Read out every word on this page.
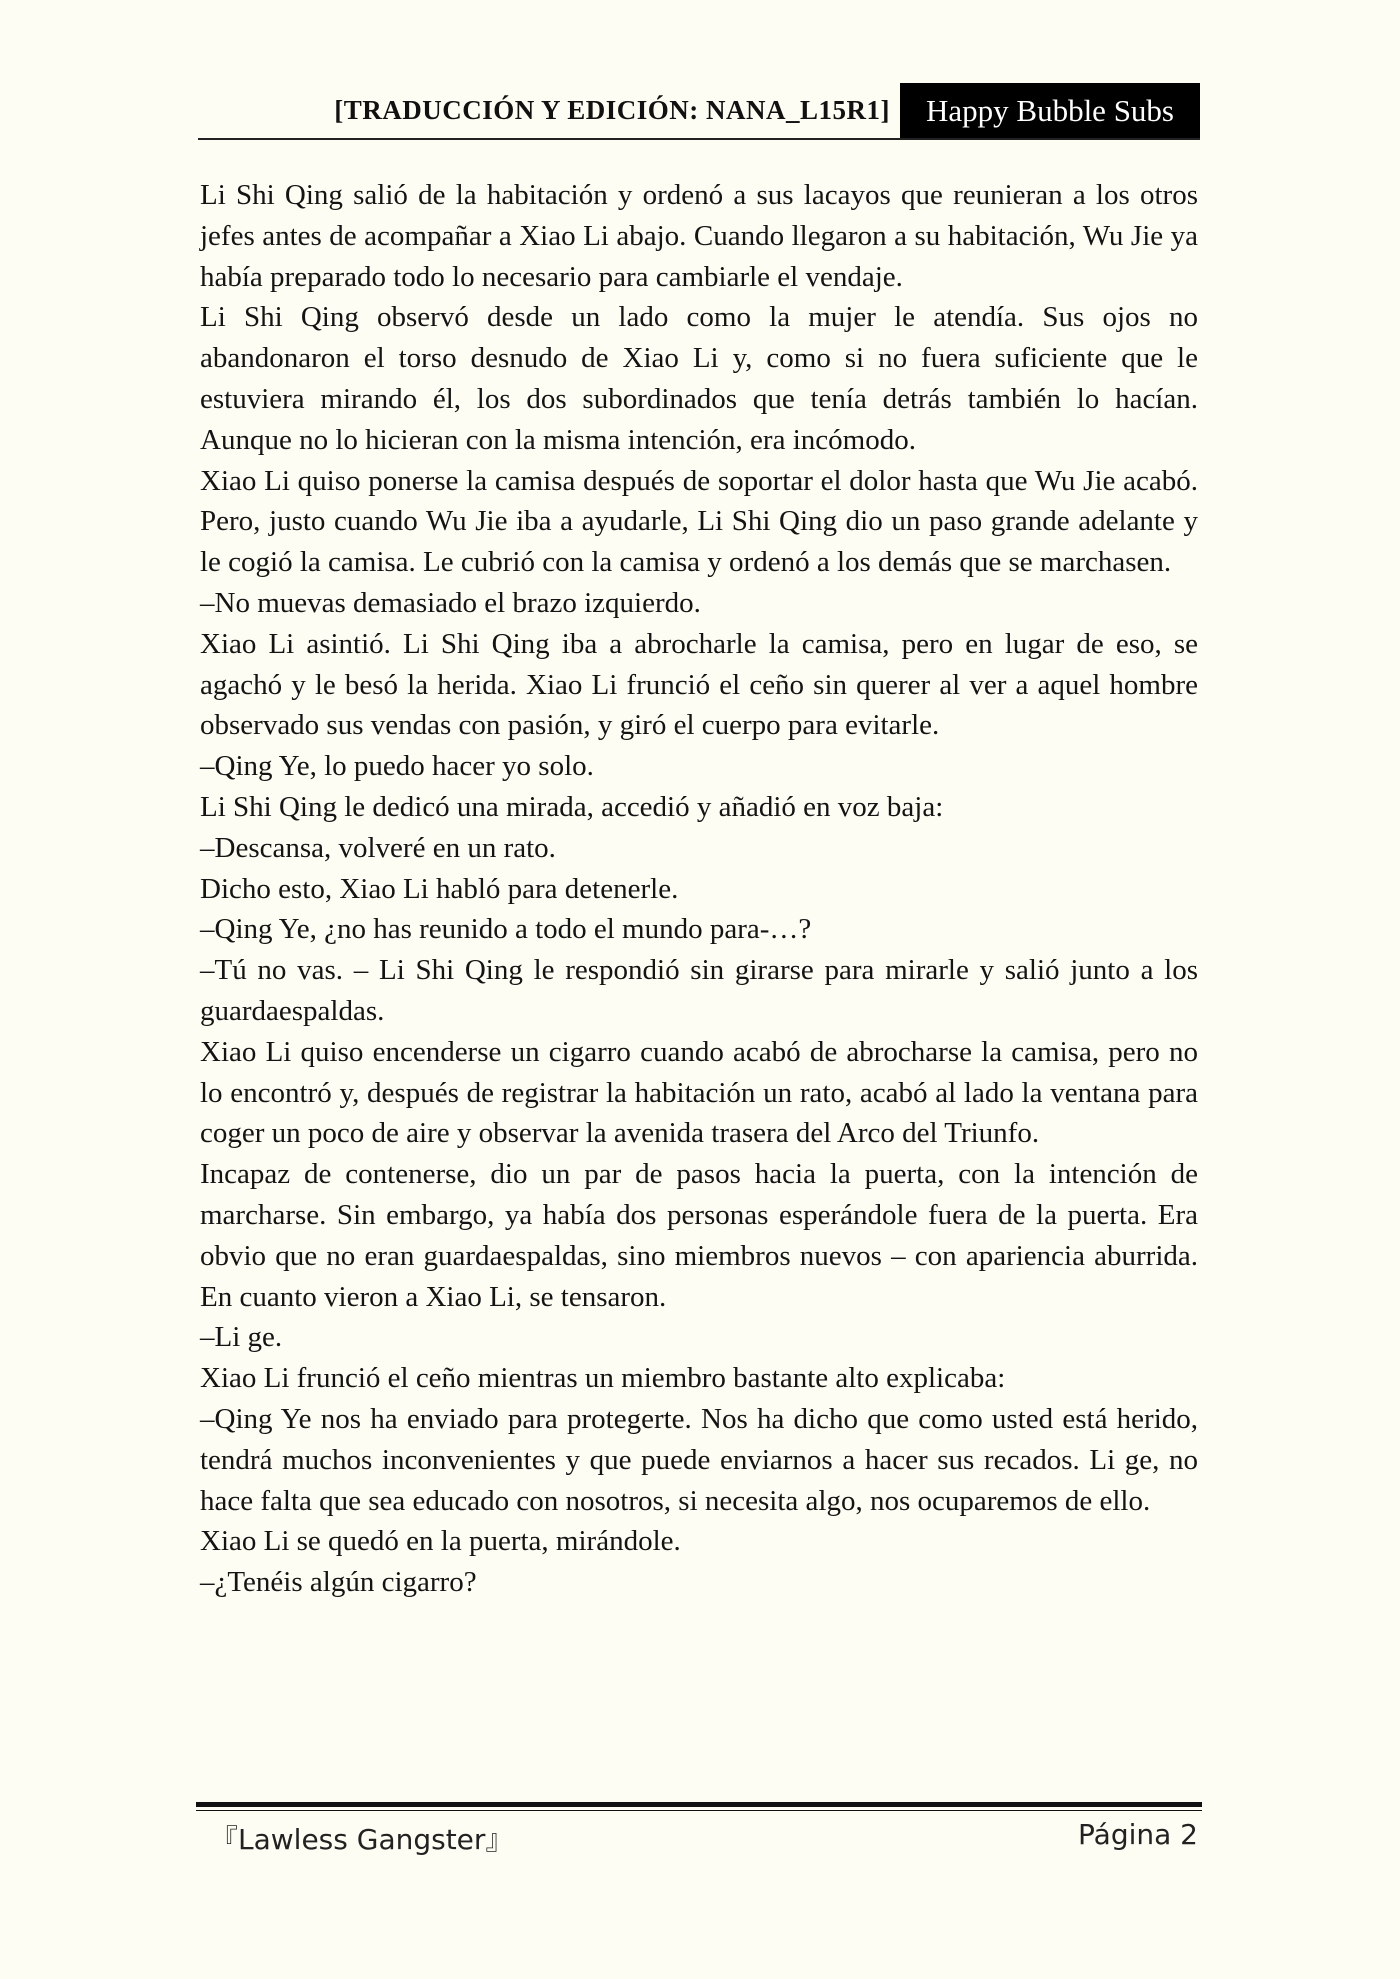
[TRADUCCIÓN Y EDICIÓN: NANA_L15R1]	Happy Bubble Subs

Li Shi Qing salió de la habitación y ordenó a sus lacayos que reunieran a los otros jefes antes de acompañar a Xiao Li abajo. Cuando llegaron a su habitación, Wu Jie ya había preparado todo lo necesario para cambiarle el vendaje.

Li Shi Qing observó desde un lado como la mujer le atendía. Sus ojos no abandonaron el torso desnudo de Xiao Li y, como si no fuera suficiente que le estuviera mirando él, los dos subordinados que tenía detrás también lo hacían. Aunque no lo hicieran con la misma intención, era incómodo.

Xiao Li quiso ponerse la camisa después de soportar el dolor hasta que Wu Jie acabó. Pero, justo cuando Wu Jie iba a ayudarle, Li Shi Qing dio un paso grande adelante y le cogió la camisa. Le cubrió con la camisa y ordenó a los demás que se marchasen.

–No muevas demasiado el brazo izquierdo.

Xiao Li asintió. Li Shi Qing iba a abrocharle la camisa, pero en lugar de eso, se agachó y le besó la herida. Xiao Li frunció el ceño sin querer al ver a aquel hombre observado sus vendas con pasión, y giró el cuerpo para evitarle.

–Qing Ye, lo puedo hacer yo solo.

Li Shi Qing le dedicó una mirada, accedió y añadió en voz baja:

–Descansa, volveré en un rato.

Dicho esto, Xiao Li habló para detenerle.

–Qing Ye, ¿no has reunido a todo el mundo para-…?

–Tú no vas. – Li Shi Qing le respondió sin girarse para mirarle y salió junto a los guardaespaldas.

Xiao Li quiso encenderse un cigarro cuando acabó de abrocharse la camisa, pero no lo encontró y, después de registrar la habitación un rato, acabó al lado la ventana para coger un poco de aire y observar la avenida trasera del Arco del Triunfo.

Incapaz de contenerse, dio un par de pasos hacia la puerta, con la intención de marcharse. Sin embargo, ya había dos personas esperándole fuera de la puerta. Era obvio que no eran guardaespaldas, sino miembros nuevos – con apariencia aburrida. En cuanto vieron a Xiao Li, se tensaron.

–Li ge.

Xiao Li frunció el ceño mientras un miembro bastante alto explicaba:

–Qing Ye nos ha enviado para protegerte. Nos ha dicho que como usted está herido, tendrá muchos inconvenientes y que puede enviarnos a hacer sus recados. Li ge, no hace falta que sea educado con nosotros, si necesita algo, nos ocuparemos de ello.

Xiao Li se quedó en la puerta, mirándole.

–¿Tenéis algún cigarro?

『Lawless Gangster』	Página 2
